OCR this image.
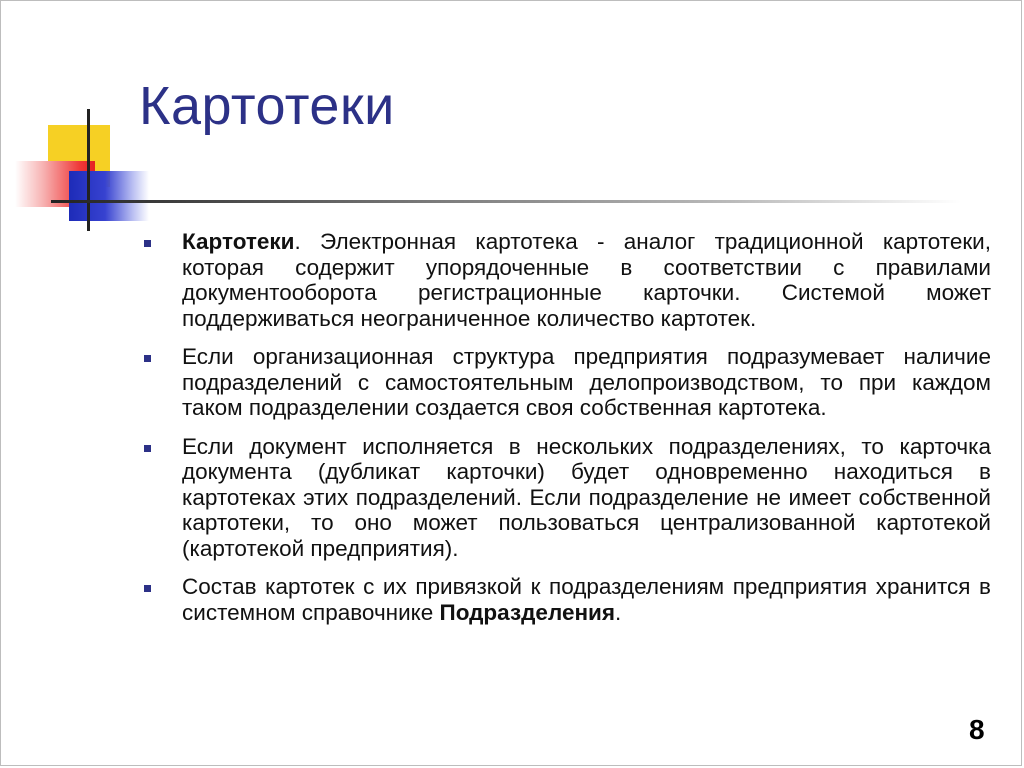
Картотеки
Картотеки. Электронная картотека - аналог традиционной картотеки, которая содержит упорядоченные в соответствии с правилами документооборота регистрационные карточки. Системой может поддерживаться неограниченное количество картотек.
Если организационная структура предприятия подразумевает наличие подразделений с самостоятельным делопроизводством, то при каждом таком подразделении создается своя собственная картотека.
Если документ исполняется в нескольких подразделениях, то карточка документа (дубликат карточки) будет одновременно находиться в картотеках этих подразделений. Если подразделение не имеет собственной картотеки, то оно может пользоваться централизованной картотекой (картотекой предприятия).
Состав картотек с их привязкой к подразделениям предприятия хранится в системном справочнике Подразделения.
8
